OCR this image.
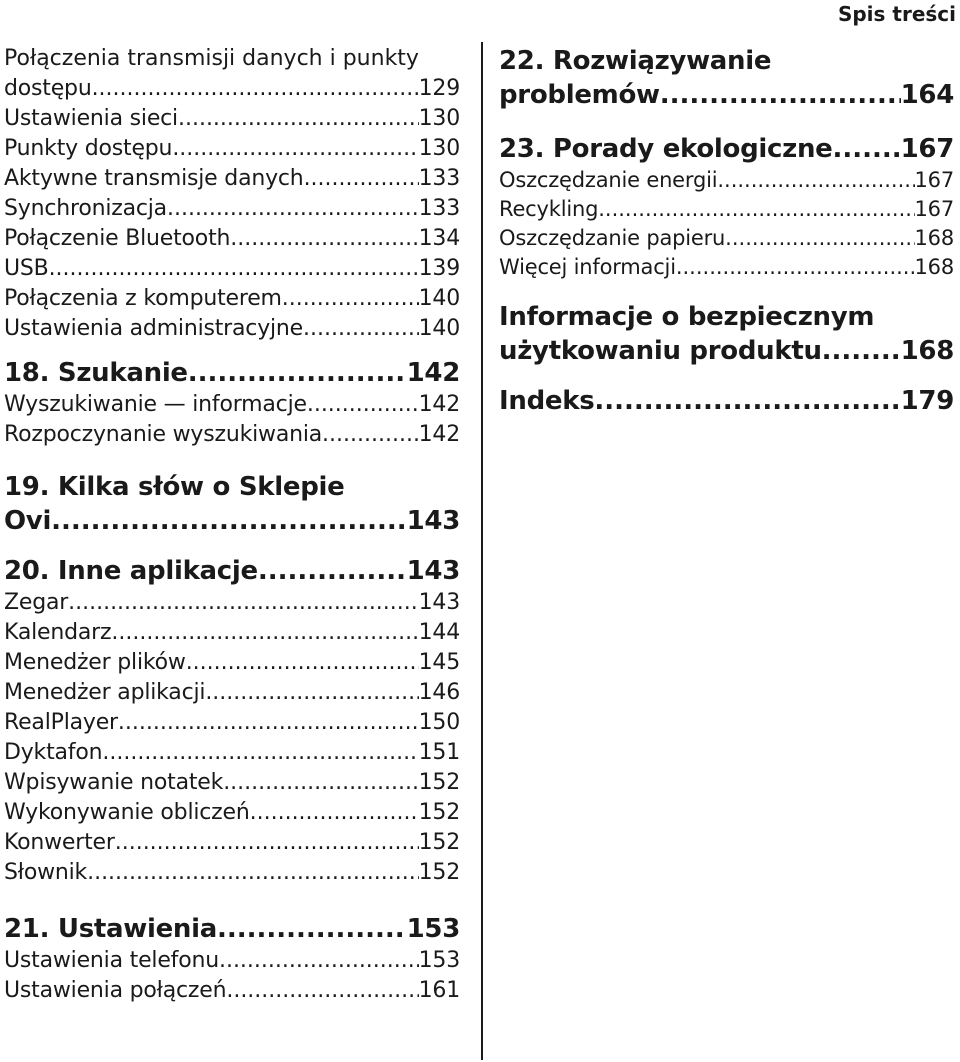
Spis treści
Połączenia transmisji danych i punkty
dostępu .....	129
Ustawienia sieci .....	130
Punkty dostępu .....	130
Aktywne transmisje danych .....	133
Synchronizacja .....	133
Połączenie Bluetooth .....	134
USB .....	139
Połączenia z komputerem .....	140
Ustawienia administracyjne .....	140
18. Szukanie .....	142
Wyszukiwanie — informacje .....	142
Rozpoczynanie wyszukiwania .....	142
19. Kilka słów o Sklepie
Ovi .....	143
20. Inne aplikacje .....	143
Zegar .....	143
Kalendarz .....	144
Menedżer plików .....	145
Menedżer aplikacji .....	146
RealPlayer .....	150
Dyktafon .....	151
Wpisywanie notatek .....	152
Wykonywanie obliczeń .....	152
Konwerter .....	152
Słownik .....	152
21. Ustawienia .....	153
Ustawienia telefonu .....	153
Ustawienia połączeń .....	161
22. Rozwiązywanie
problemów .....	164
23. Porady ekologiczne .....	167
Oszczędzanie energii .....	167
Recykling .....	167
Oszczędzanie papieru .....	168
Więcej informacji .....	168
Informacje o bezpiecznym
użytkowaniu produktu .....	168
Indeks .....	179
